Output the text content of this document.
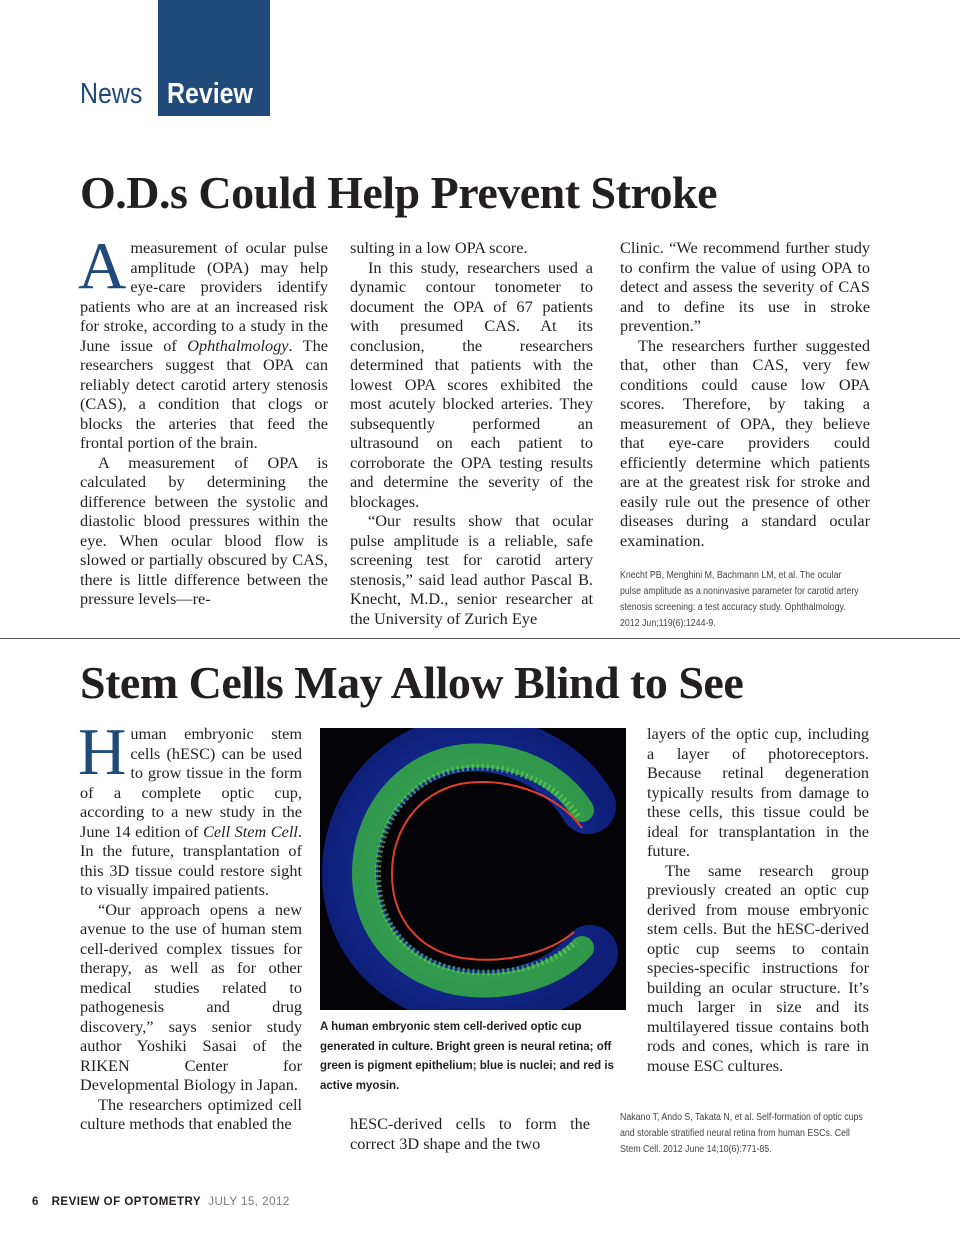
News Review
O.D.s Could Help Prevent Stroke

Ameasurement of ocular pulse amplitude (OPA) may help eye-care providers identify patients who are at an increased risk for stroke, according to a study in the June issue of Ophthalmology. The researchers suggest that OPA can reliably detect carotid artery stenosis (CAS), a condition that clogs or blocks the arteries that feed the frontal portion of the brain.

A measurement of OPA is calculated by determining the difference between the systolic and diastolic blood pressures within the eye. When ocular blood flow is slowed or partially obscured by CAS, there is little difference between the pressure levels—re-

sulting in a low OPA score.

In this study, researchers used a dynamic contour tonometer to document the OPA of 67 patients with presumed CAS. At its conclusion, the researchers determined that patients with the lowest OPA scores exhibited the most acutely blocked arteries. They subsequently performed an ultrasound on each patient to corroborate the OPA testing results and determine the severity of the blockages.

“Our results show that ocular pulse amplitude is a reliable, safe screening test for carotid artery stenosis,” said lead author Pascal B. Knecht, M.D., senior researcher at the University of Zurich Eye

Clinic. “We recommend further study to confirm the value of using OPA to detect and assess the severity of CAS and to define its use in stroke prevention.”

The researchers further suggested that, other than CAS, very few conditions could cause low OPA scores. Therefore, by taking a measurement of OPA, they believe that eye-care providers could efficiently determine which patients are at the greatest risk for stroke and easily rule out the presence of other diseases during a standard ocular examination.

Knecht PB, Menghini M, Bachmann LM, et al. The ocular pulse amplitude as a noninvasive parameter for carotid artery stenosis screening: a test accuracy study. Ophthalmology. 2012 Jun;119(6):1244-9.
Stem Cells May Allow Blind to See

Human embryonic stem cells (hESC) can be used to grow tissue in the form of a complete optic cup, according to a new study in the June 14 edition of Cell Stem Cell. In the future, transplantation of this 3D tissue could restore sight to visually impaired patients.

“Our approach opens a new avenue to the use of human stem cell-derived complex tissues for therapy, as well as for other medical studies related to pathogenesis and drug discovery,” says senior study author Yoshiki Sasai of the RIKEN Center for Developmental Biology in Japan.

The researchers optimized cell culture methods that enabled the

A human embryonic stem cell-derived optic cup generated in culture. Bright green is neural retina; off green is pigment epithelium; blue is nuclei; and red is active myosin.

hESC-derived cells to form the correct 3D shape and the two

layers of the optic cup, including a layer of photoreceptors. Because retinal degeneration typically results from damage to these cells, this tissue could be ideal for transplantation in the future.

The same research group previously created an optic cup derived from mouse embryonic stem cells. But the hESC-derived optic cup seems to contain species-specific instructions for building an ocular structure. It’s much larger in size and its multilayered tissue contains both rods and cones, which is rare in mouse ESC cultures.

Nakano T, Ando S, Takata N, et al. Self-formation of optic cups and storable stratified neural retina from human ESCs. Cell Stem Cell. 2012 June 14;10(6):771-85.
6 REVIEW OF OPTOMETRY JULY 15, 2012
